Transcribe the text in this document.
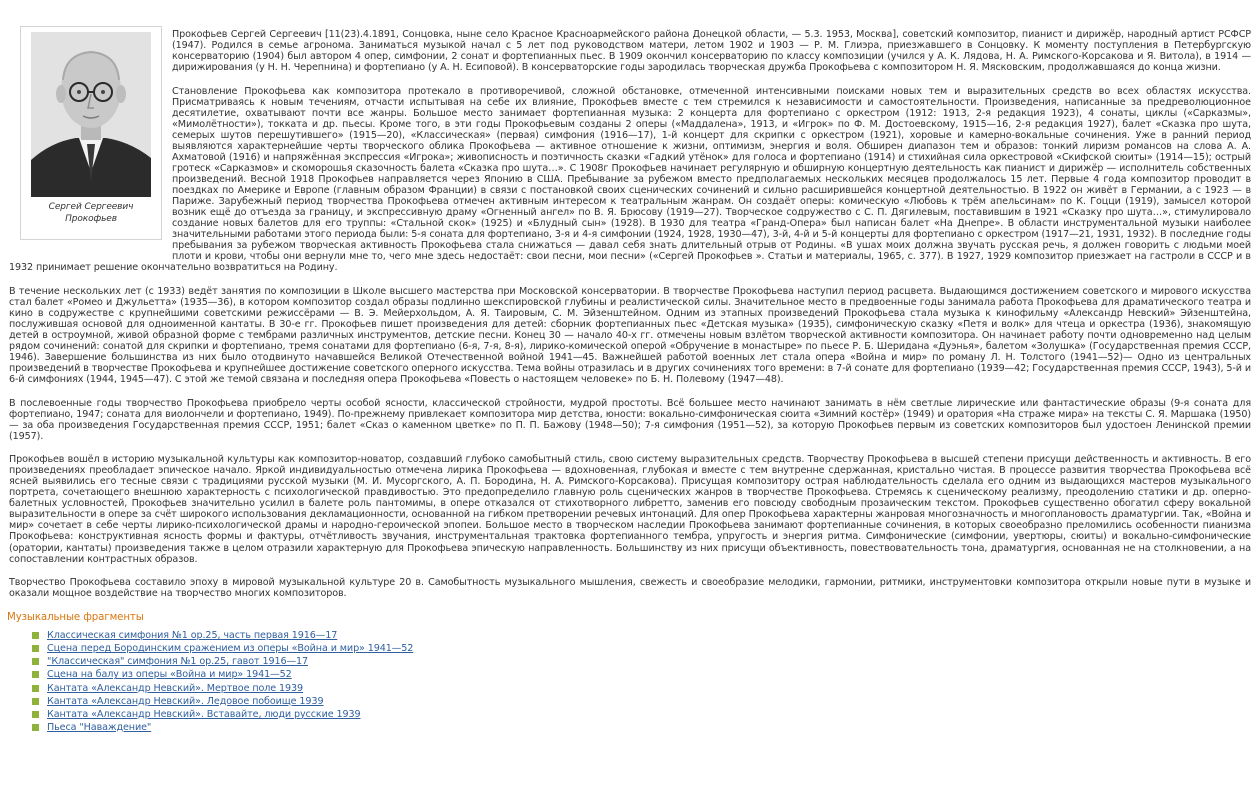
Сергей Сергеевич Прокофьев

Прокофьев Сергей Сергеевич [11(23).4.1891, Сонцовка, ныне село Красное Красноармейского района Донецкой области, — 5.3. 1953, Москва], советский композитор, пианист и дирижёр, народный артист РСФСР (1947). Родился в семье агронома. Заниматься музыкой начал с 5 лет под руководством матери, летом 1902 и 1903 — Р. М. Глиэра, приезжавшего в Сонцовку. К моменту поступления в Петербургскую консерваторию (1904) был автором 4 опер, симфонии, 2 сонат и фортепианных пьес. В 1909 окончил консерваторию по классу композиции (учился у А. К. Лядова, Н. А. Римского-Корсакова и Я. Витола), в 1914 — дирижирования (у Н. Н. Черепнина) и фортепиано (у А. Н. Есиповой). В консерваторские годы зародилась творческая дружба Прокофьева с композитором Н. Я. Мясковским, продолжавшаяся до конца жизни.

Становление Прокофьева как композитора протекало в противоречивой, сложной обстановке, отмеченной интенсивными поисками новых тем и выразительных средств во всех областях искусства. Присматриваясь к новым течениям, отчасти испытывая на себе их влияние, Прокофьев вместе с тем стремился к независимости и самостоятельности. Произведения, написанные за предреволюционное десятилетие, охватывают почти все жанры. Большое место занимает фортепианная музыка: 2 концерта для фортепиано с оркестром (1912: 1913, 2-я редакция 1923), 4 сонаты, циклы («Сарказмы», «Мимолётности»), токката и др. пьесы. Кроме того, в эти годы Прокофьевым созданы 2 оперы («Маддалена», 1913, и «Игрок» по Ф. М. Достоевскому, 1915—16, 2-я редакция 1927), балет «Сказка про шута, семерых шутов перешутившего» (1915—20), «Классическая» (первая) симфония (1916—17), 1-й концерт для скрипки с оркестром (1921), хоровые и камерно-вокальные сочинения. Уже в ранний период выявляются характернейшие черты творческого облика Прокофьева — активное отношение к жизни, оптимизм, энергия и воля. Обширен диапазон тем и образов: тонкий лиризм романсов на слова А. А. Ахматовой (1916) и напряжённая экспрессия «Игрока»; живописность и поэтичность сказки «Гадкий утёнок» для голоса и фортепиано (1914) и стихийная сила оркестровой «Скифской сюиты» (1914—15); острый гротеск «Сарказмов» и скоморошья сказочность балета «Сказка про шута…». С 1908г Прокофьев начинает регулярную и обширную концертную деятельность как пианист и дирижёр — исполнитель собственных произведений. Весной 1918 Прокофьев направляется через Японию в США. Пребывание за рубежом вместо предполагаемых нескольких месяцев продолжалось 15 лет. Первые 4 года композитор проводит в поездках по Америке и Европе (главным образом Франции) в связи с постановкой своих сценических сочинений и сильно расширившейся концертной деятельностью. В 1922 он живёт в Германии, а с 1923 — в Париже. Зарубежный период творчества Прокофьева отмечен активным интересом к театральным жанрам. Он создаёт оперы: комическую «Любовь к трём апельсинам» по К. Гоцци (1919), замысел которой возник ещё до отъезда за границу, и экспрессивную драму «Огненный ангел» по В. Я. Брюсову (1919—27). Творческое содружество с С. П. Дягилевым, поставившим в 1921 «Сказку про шута…», стимулировало создание новых балетов для его труппы: «Стальной скок» (1925) и «Блудный сын» (1928). В 1930 для театра «Гранд-Опера» был написан балет «На Днепре». В области инструментальной музыки наиболее значительными работами этого периода были: 5-я соната для фортепиано, 3-я и 4-я симфонии (1924, 1928, 1930—47), 3-й, 4-й и 5-й концерты для фортепиано с оркестром (1917—21, 1931, 1932). В последние годы пребывания за рубежом творческая активность Прокофьева стала снижаться — давал себя знать длительный отрыв от Родины. «В ушах моих должна звучать русская речь, я должен говорить с людьми моей плоти и крови, чтобы они вернули мне то, чего мне здесь недостаёт: свои песни, мои песни» («Сергей Прокофьев ». Статьи и материалы, 1965, с. 377). В 1927, 1929 композитор приезжает на гастроли в СССР и в 1932 принимает решение окончательно возвратиться на Родину.

В течение нескольких лет (с 1933) ведёт занятия по композиции в Школе высшего мастерства при Московской консерватории. В творчестве Прокофьева наступил период расцвета. Выдающимся достижением советского и мирового искусства стал балет «Ромео и Джульетта» (1935—36), в котором композитор создал образы подлинно шекспировской глубины и реалистической силы. Значительное место в предвоенные годы занимала работа Прокофьева для драматического театра и кино в содружестве с крупнейшими советскими режиссёрами — В. Э. Мейерхольдом, А. Я. Таировым, С. М. Эйзенштейном. Одним из этапных произведений Прокофьева стала музыка к кинофильму «Александр Невский» Эйзенштейна, послужившая основой для одноименной кантаты. В 30-е гг. Прокофьев пишет произведения для детей: сборник фортепианных пьес «Детская музыка» (1935), симфоническую сказку «Петя и волк» для чтеца и оркестра (1936), знакомящую детей в остроумной, живой образной форме с тембрами различных инструментов, детские песни. Конец 30 — начало 40-х гг. отмечены новым взлётом творческой активности композитора. Он начинает работу почти одновременно над целым рядом сочинений: сонатой для скрипки и фортепиано, тремя сонатами для фортепиано (6-я, 7-я, 8-я), лирико-комической оперой «Обручение в монастыре» по пьесе Р. Б. Шеридана «Дуэнья», балетом «Золушка» (Государственная премия СССР, 1946). Завершение большинства из них было отодвинуто начавшейся Великой Отечественной войной 1941—45. Важнейшей работой военных лет стала опера «Война и мир» по роману Л. Н. Толстого (1941—52)— Одно из центральных произведений в творчестве Прокофьева и крупнейшее достижение советского оперного искусства. Тема войны отразилась и в других сочинениях того времени: в 7-й сонате для фортепиано (1939—42; Государственная премия СССР, 1943), 5-й и 6-й симфониях (1944, 1945—47). С этой же темой связана и последняя опера Прокофьева «Повесть о настоящем человеке» по Б. Н. Полевому (1947—48).

В послевоенные годы творчество Прокофьева приобрело черты особой ясности, классической стройности, мудрой простоты. Всё большее место начинают занимать в нём светлые лирические или фантастические образы (9-я соната для фортепиано, 1947; соната для виолончели и фортепиано, 1949). По-прежнему привлекает композитора мир детства, юности: вокально-симфоническая сюита «Зимний костёр» (1949) и оратория «На страже мира» на тексты С. Я. Маршака (1950) — за оба произведения Государственная премия СССР, 1951; балет «Сказ о каменном цветке» по П. П. Бажову (1948—50); 7-я симфония (1951—52), за которую Прокофьев первым из советских композиторов был удостоен Ленинской премии (1957).

Прокофьев вошёл в историю музыкальной культуры как композитор-новатор, создавший глубоко самобытный стиль, свою систему выразительных средств. Творчеству Прокофьева в высшей степени присущи действенность и активность. В его произведениях преобладает эпическое начало. Яркой индивидуальностью отмечена лирика Прокофьева — вдохновенная, глубокая и вместе с тем внутренне сдержанная, кристально чистая. В процессе развития творчества Прокофьева всё ясней выявились его тесные связи с традициями русской музыки (М. И. Мусоргского, А. П. Бородина, Н. А. Римского-Корсакова). Присущая композитору острая наблюдательность сделала его одним из выдающихся мастеров музыкального портрета, сочетающего внешнюю характерность с психологической правдивостью. Это предопределило главную роль сценических жанров в творчестве Прокофьева. Стремясь к сценическому реализму, преодолению статики и др. оперно-балетных условностей, Прокофьев значительно усилил в балете роль пантомимы, в опере отказался от стихотворного либретто, заменив его повсюду свободным прозаическим текстом. Прокофьев существенно обогатил сферу вокальной выразительности в опере за счёт широкого использования декламационности, основанной на гибком претворении речевых интонаций. Для опер Прокофьева характерны жанровая многозначность и многоплановость драматургии. Так, «Война и мир» сочетает в себе черты лирико-психологической драмы и народно-героической эпопеи. Большое место в творческом наследии Прокофьева занимают фортепианные сочинения, в которых своеобразно преломились особенности пианизма Прокофьева: конструктивная ясность формы и фактуры, отчётливость звучания, инструментальная трактовка фортепианного тембра, упругость и энергия ритма. Симфонические (симфонии, увертюры, сюиты) и вокально-симфонические (оратории, кантаты) произведения также в целом отразили характерную для Прокофьева эпическую направленность. Большинству из них присущи объективность, повествовательность тона, драматургия, основанная не на столкновении, а на сопоставлении контрастных образов.

Творчество Прокофьева составило эпоху в мировой музыкальной культуре 20 в. Самобытность музыкального мышления, свежесть и своеобразие мелодики, гармонии, ритмики, инструментовки композитора открыли новые пути в музыке и оказали мощное воздействие на творчество многих композиторов.

Музыкальные фрагменты
Классическая симфония №1 op.25, часть первая 1916—17
Сцена перед Бородинским сражением из оперы «Война и мир» 1941—52
"Классическая" симфония №1 op.25, гавот 1916—17
Сцена на балу из оперы «Война и мир» 1941—52
Кантата «Александр Невский». Мертвое поле 1939
Кантата «Александр Невский». Ледовое побоище 1939
Кантата «Александр Невский». Вставайте, люди русские 1939
Пьеса "Наваждение"
